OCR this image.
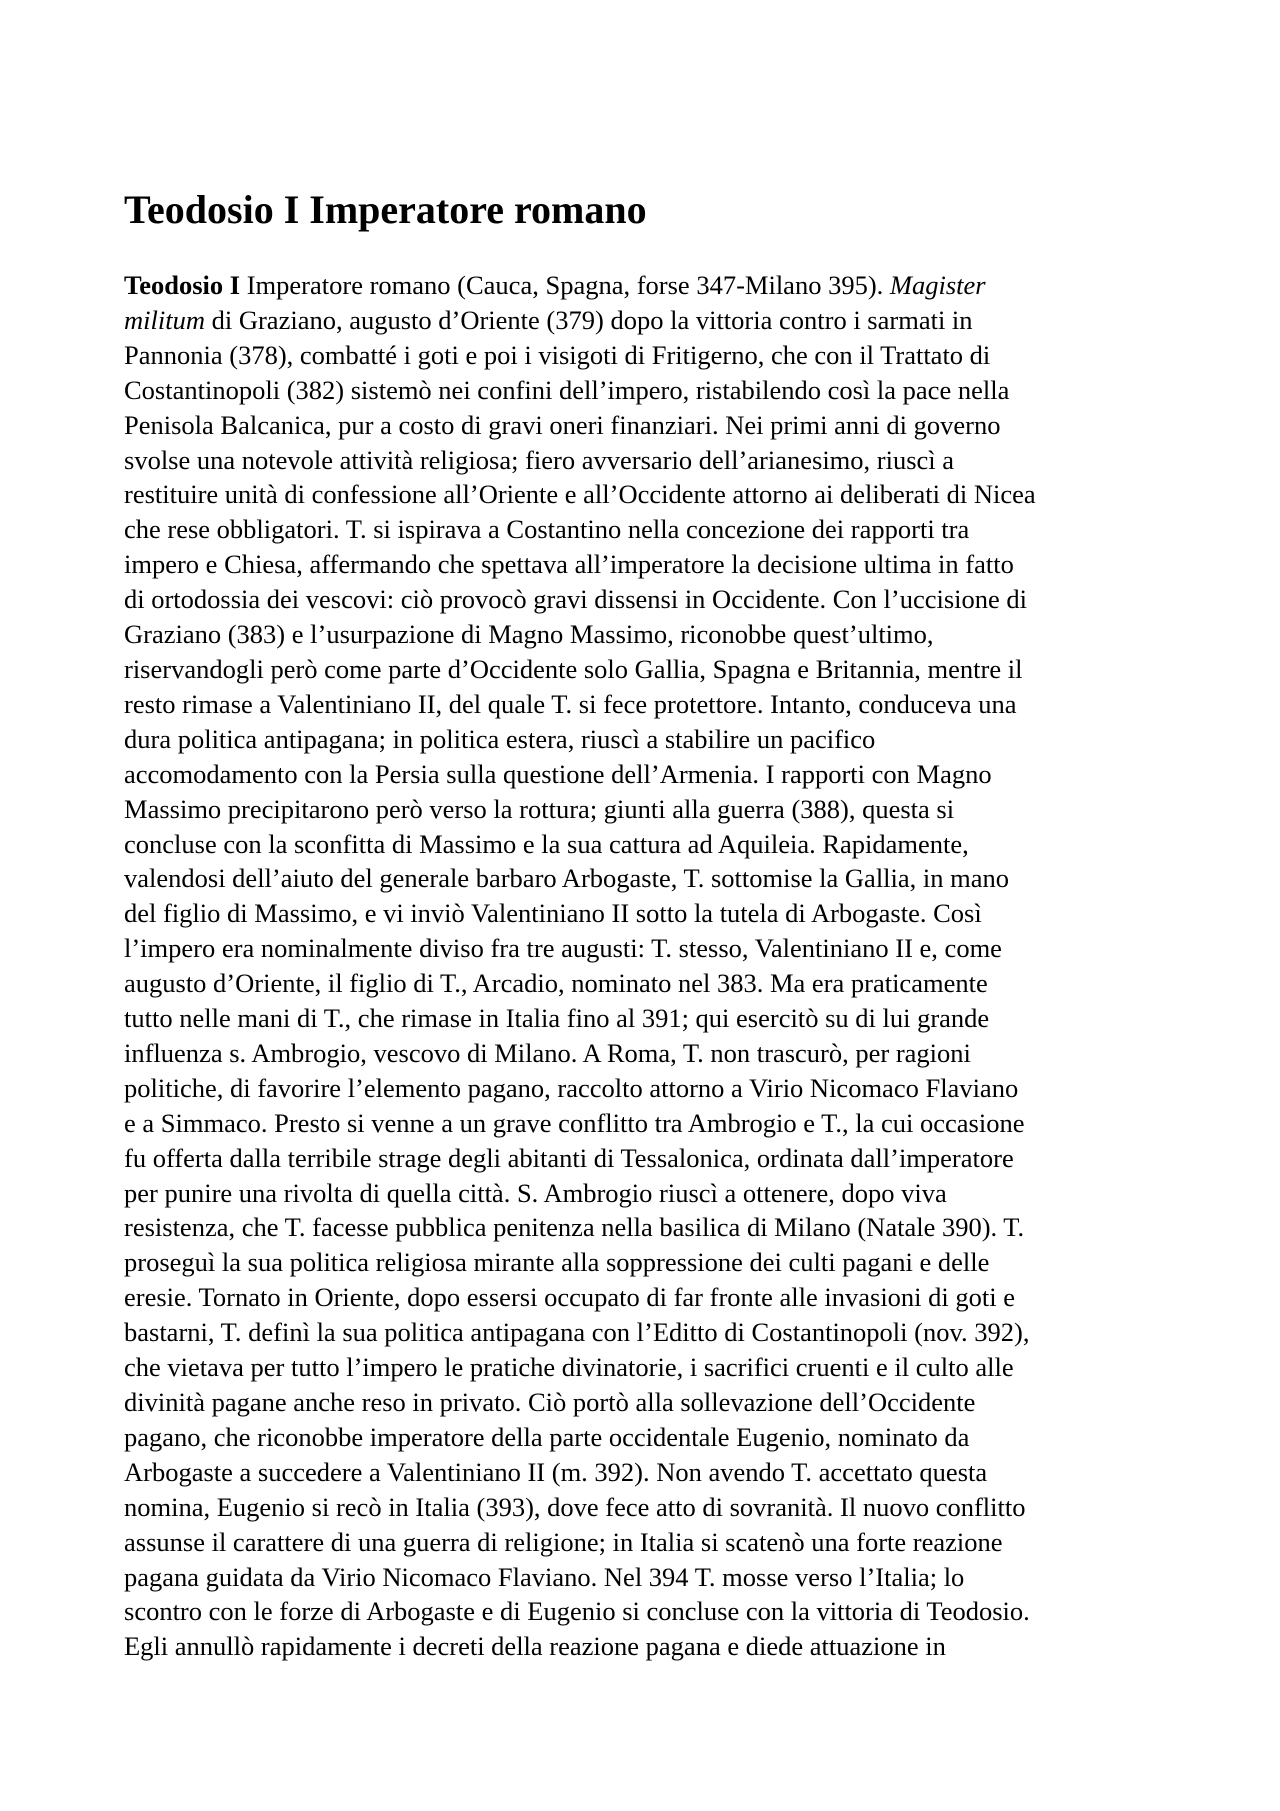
Teodosio I Imperatore romano
Teodosio I Imperatore romano (Cauca, Spagna, forse 347-Milano 395). Magister
militum di Graziano, augusto d’Oriente (379) dopo la vittoria contro i sarmati in
Pannonia (378), combatté i goti e poi i visigoti di Fritigerno, che con il Trattato di
Costantinopoli (382) sistemò nei confini dell’impero, ristabilendo così la pace nella
Penisola Balcanica, pur a costo di gravi oneri finanziari. Nei primi anni di governo
svolse una notevole attività religiosa; fiero avversario dell’arianesimo, riuscì a
restituire unità di confessione all’Oriente e all’Occidente attorno ai deliberati di Nicea
che rese obbligatori. T. si ispirava a Costantino nella concezione dei rapporti tra
impero e Chiesa, affermando che spettava all’imperatore la decisione ultima in fatto
di ortodossia dei vescovi: ciò provocò gravi dissensi in Occidente. Con l’uccisione di
Graziano (383) e l’usurpazione di Magno Massimo, riconobbe quest’ultimo,
riservandogli però come parte d’Occidente solo Gallia, Spagna e Britannia, mentre il
resto rimase a Valentiniano II, del quale T. si fece protettore. Intanto, conduceva una
dura politica antipagana; in politica estera, riuscì a stabilire un pacifico
accomodamento con la Persia sulla questione dell’Armenia. I rapporti con Magno
Massimo precipitarono però verso la rottura; giunti alla guerra (388), questa si
concluse con la sconfitta di Massimo e la sua cattura ad Aquileia. Rapidamente,
valendosi dell’aiuto del generale barbaro Arbogaste, T. sottomise la Gallia, in mano
del figlio di Massimo, e vi inviò Valentiniano II sotto la tutela di Arbogaste. Così
l’impero era nominalmente diviso fra tre augusti: T. stesso, Valentiniano II e, come
augusto d’Oriente, il figlio di T., Arcadio, nominato nel 383. Ma era praticamente
tutto nelle mani di T., che rimase in Italia fino al 391; qui esercitò su di lui grande
influenza s. Ambrogio, vescovo di Milano. A Roma, T. non trascurò, per ragioni
politiche, di favorire l’elemento pagano, raccolto attorno a Virio Nicomaco Flaviano
e a Simmaco. Presto si venne a un grave conflitto tra Ambrogio e T., la cui occasione
fu offerta dalla terribile strage degli abitanti di Tessalonica, ordinata dall’imperatore
per punire una rivolta di quella città. S. Ambrogio riuscì a ottenere, dopo viva
resistenza, che T. facesse pubblica penitenza nella basilica di Milano (Natale 390). T.
proseguì la sua politica religiosa mirante alla soppressione dei culti pagani e delle
eresie. Tornato in Oriente, dopo essersi occupato di far fronte alle invasioni di goti e
bastarni, T. definì la sua politica antipagana con l’Editto di Costantinopoli (nov. 392),
che vietava per tutto l’impero le pratiche divinatorie, i sacrifici cruenti e il culto alle
divinità pagane anche reso in privato. Ciò portò alla sollevazione dell’Occidente
pagano, che riconobbe imperatore della parte occidentale Eugenio, nominato da
Arbogaste a succedere a Valentiniano II (m. 392). Non avendo T. accettato questa
nomina, Eugenio si recò in Italia (393), dove fece atto di sovranità. Il nuovo conflitto
assunse il carattere di una guerra di religione; in Italia si scatenò una forte reazione
pagana guidata da Virio Nicomaco Flaviano. Nel 394 T. mosse verso l’Italia; lo
scontro con le forze di Arbogaste e di Eugenio si concluse con la vittoria di Teodosio.
Egli annullò rapidamente i decreti della reazione pagana e diede attuazione in
